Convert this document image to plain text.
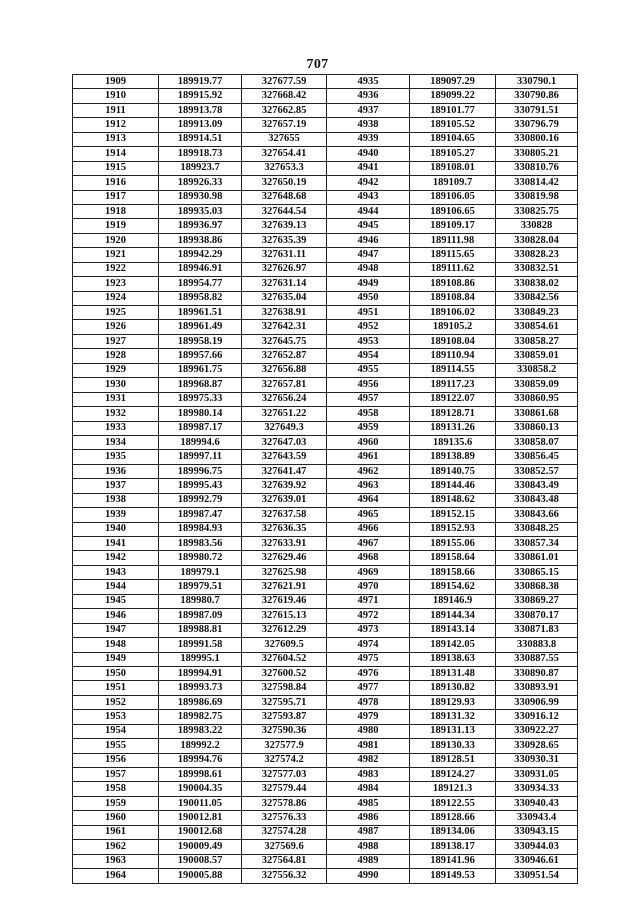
707
1909	189919.77	327677.59	4935	189097.29	330790.1
1910	189915.92	327668.42	4936	189099.22	330790.86
1911	189913.78	327662.85	4937	189101.77	330791.51
1912	189913.09	327657.19	4938	189105.52	330796.79
1913	189914.51	327655	4939	189104.65	330800.16
1914	189918.73	327654.41	4940	189105.27	330805.21
1915	189923.7	327653.3	4941	189108.01	330810.76
1916	189926.33	327650.19	4942	189109.7	330814.42
1917	189930.98	327648.68	4943	189106.05	330819.98
1918	189935.03	327644.54	4944	189106.65	330825.75
1919	189936.97	327639.13	4945	189109.17	330828
1920	189938.86	327635.39	4946	189111.98	330828.04
1921	189942.29	327631.11	4947	189115.65	330828.23
1922	189946.91	327626.97	4948	189111.62	330832.51
1923	189954.77	327631.14	4949	189108.86	330838.02
1924	189958.82	327635.04	4950	189108.84	330842.56
1925	189961.51	327638.91	4951	189106.02	330849.23
1926	189961.49	327642.31	4952	189105.2	330854.61
1927	189958.19	327645.75	4953	189108.04	330858.27
1928	189957.66	327652.87	4954	189110.94	330859.01
1929	189961.75	327656.88	4955	189114.55	330858.2
1930	189968.87	327657.81	4956	189117.23	330859.09
1931	189975.33	327656.24	4957	189122.07	330860.95
1932	189980.14	327651.22	4958	189128.71	330861.68
1933	189987.17	327649.3	4959	189131.26	330860.13
1934	189994.6	327647.03	4960	189135.6	330858.07
1935	189997.11	327643.59	4961	189138.89	330856.45
1936	189996.75	327641.47	4962	189140.75	330852.57
1937	189995.43	327639.92	4963	189144.46	330843.49
1938	189992.79	327639.01	4964	189148.62	330843.48
1939	189987.47	327637.58	4965	189152.15	330843.66
1940	189984.93	327636.35	4966	189152.93	330848.25
1941	189983.56	327633.91	4967	189155.06	330857.34
1942	189980.72	327629.46	4968	189158.64	330861.01
1943	189979.1	327625.98	4969	189158.66	330865.15
1944	189979.51	327621.91	4970	189154.62	330868.38
1945	189980.7	327619.46	4971	189146.9	330869.27
1946	189987.09	327615.13	4972	189144.34	330870.17
1947	189988.81	327612.29	4973	189143.14	330871.83
1948	189991.58	327609.5	4974	189142.05	330883.8
1949	189995.1	327604.52	4975	189138.63	330887.55
1950	189994.91	327600.52	4976	189131.48	330890.87
1951	189993.73	327598.84	4977	189130.82	330893.91
1952	189986.69	327595.71	4978	189129.93	330906.99
1953	189982.75	327593.87	4979	189131.32	330916.12
1954	189983.22	327590.36	4980	189131.13	330922.27
1955	189992.2	327577.9	4981	189130.33	330928.65
1956	189994.76	327574.2	4982	189128.51	330930.31
1957	189998.61	327577.03	4983	189124.27	330931.05
1958	190004.35	327579.44	4984	189121.3	330934.33
1959	190011.05	327578.86	4985	189122.55	330940.43
1960	190012.81	327576.33	4986	189128.66	330943.4
1961	190012.68	327574.28	4987	189134.06	330943.15
1962	190009.49	327569.6	4988	189138.17	330944.03
1963	190008.57	327564.81	4989	189141.96	330946.61
1964	190005.88	327556.32	4990	189149.53	330951.54
